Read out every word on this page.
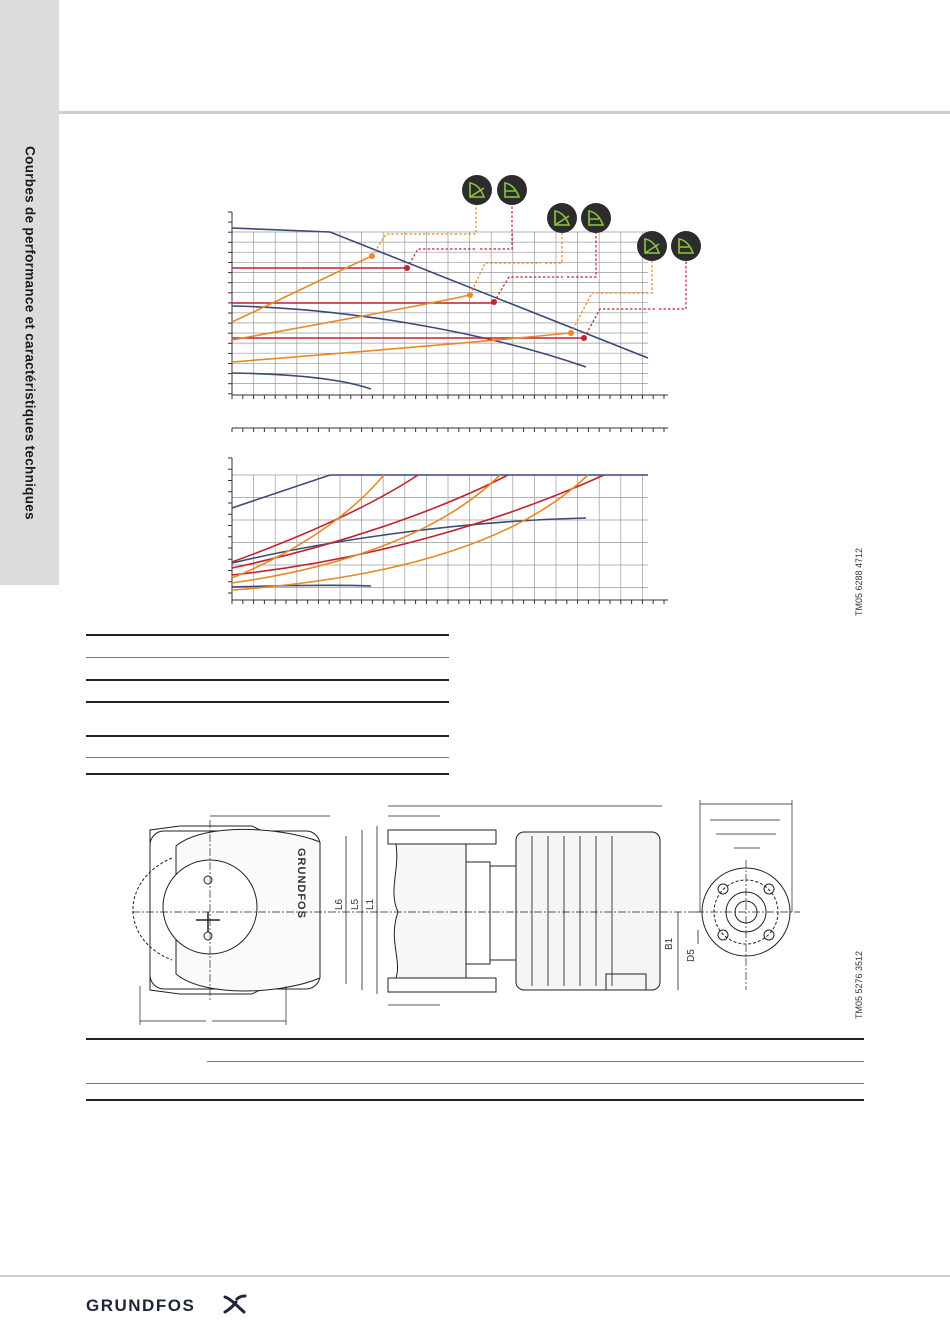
Courbes de performance et caractéristiques techniques
TM05 6288 4712
GRUNDFOS	L6 L5 L1
B1
D5	TM05 5276 3512
GRUNDFOS
